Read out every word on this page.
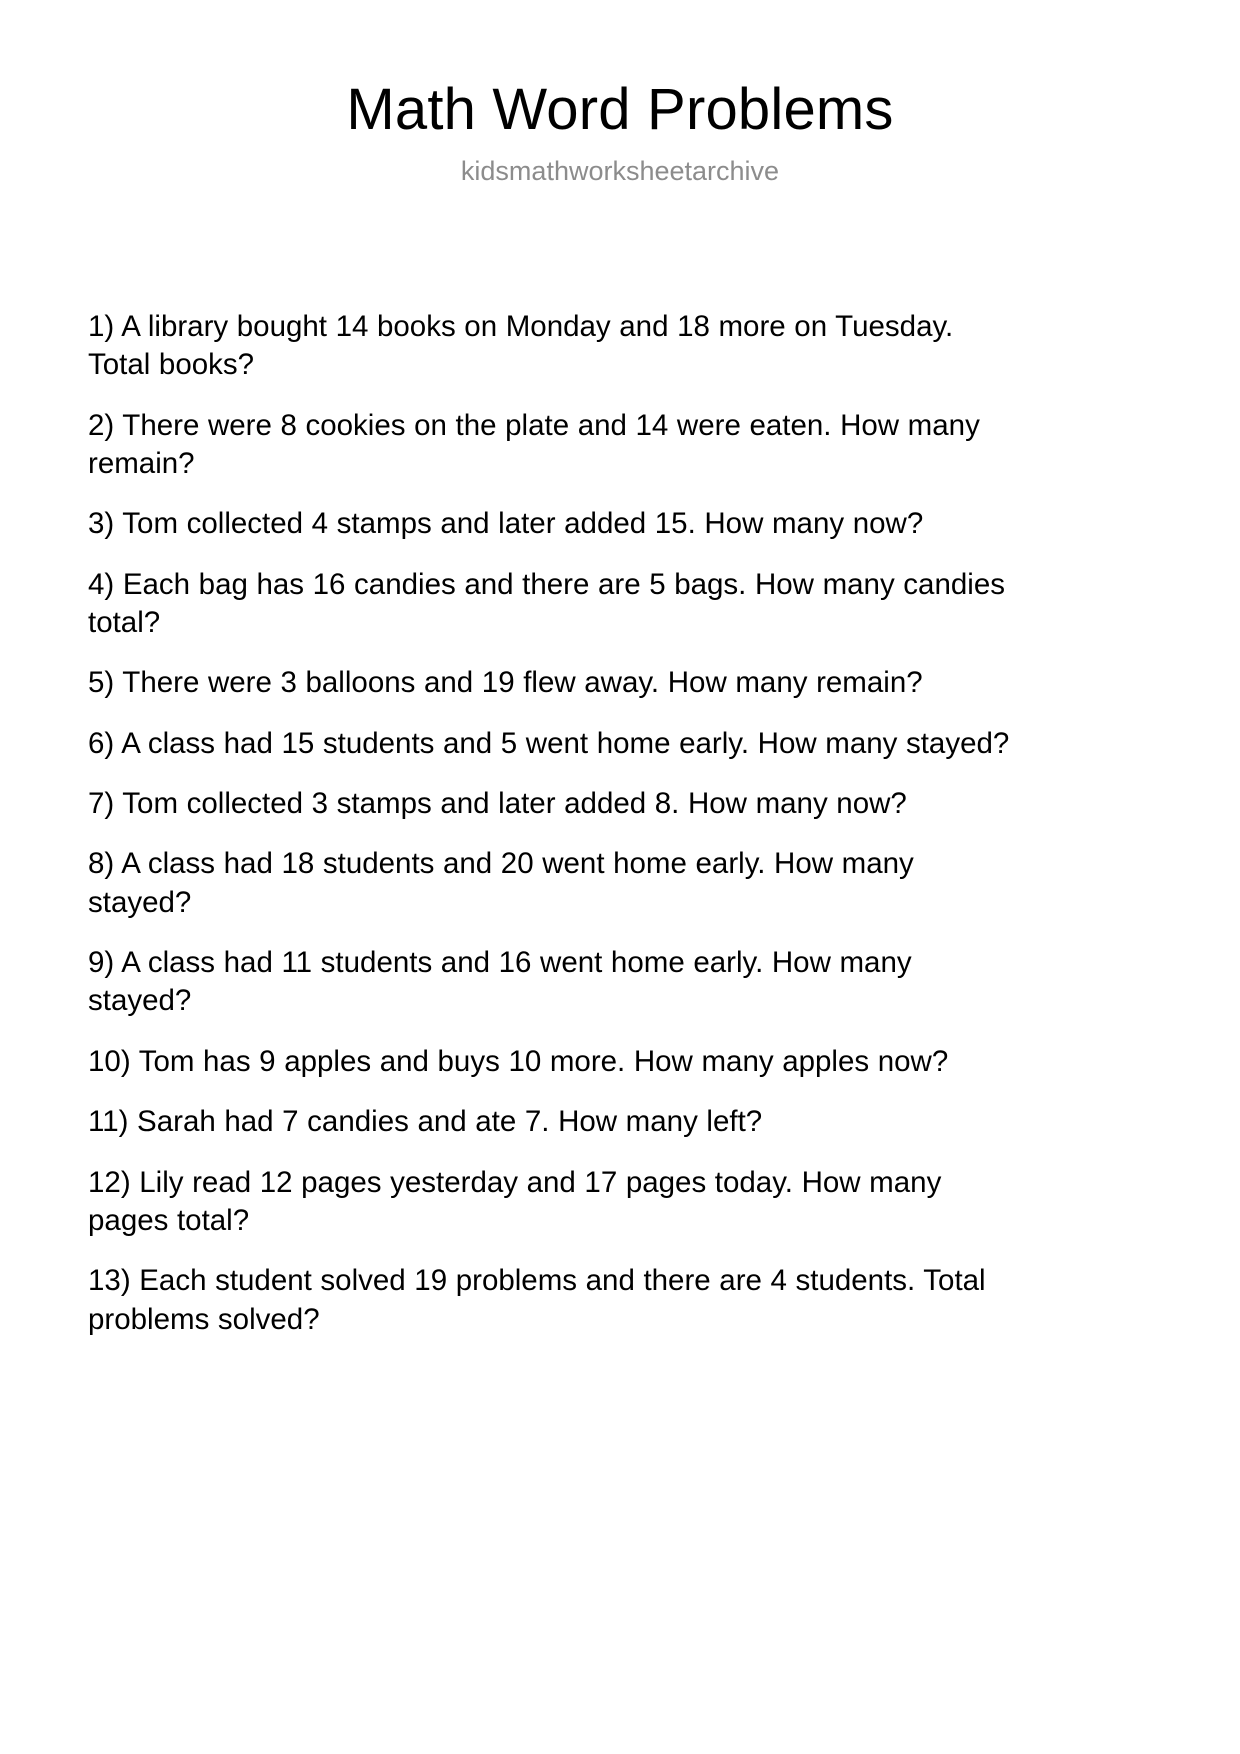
Math Word Problems
kidsmathworksheetarchive
1) A library bought 14 books on Monday and 18 more on Tuesday. Total books?
2) There were 8 cookies on the plate and 14 were eaten. How many remain?
3) Tom collected 4 stamps and later added 15. How many now?
4) Each bag has 16 candies and there are 5 bags. How many candies total?
5) There were 3 balloons and 19 flew away. How many remain?
6) A class had 15 students and 5 went home early. How many stayed?
7) Tom collected 3 stamps and later added 8. How many now?
8) A class had 18 students and 20 went home early. How many stayed?
9) A class had 11 students and 16 went home early. How many stayed?
10) Tom has 9 apples and buys 10 more. How many apples now?
11) Sarah had 7 candies and ate 7. How many left?
12) Lily read 12 pages yesterday and 17 pages today. How many pages total?
13) Each student solved 19 problems and there are 4 students. Total problems solved?
